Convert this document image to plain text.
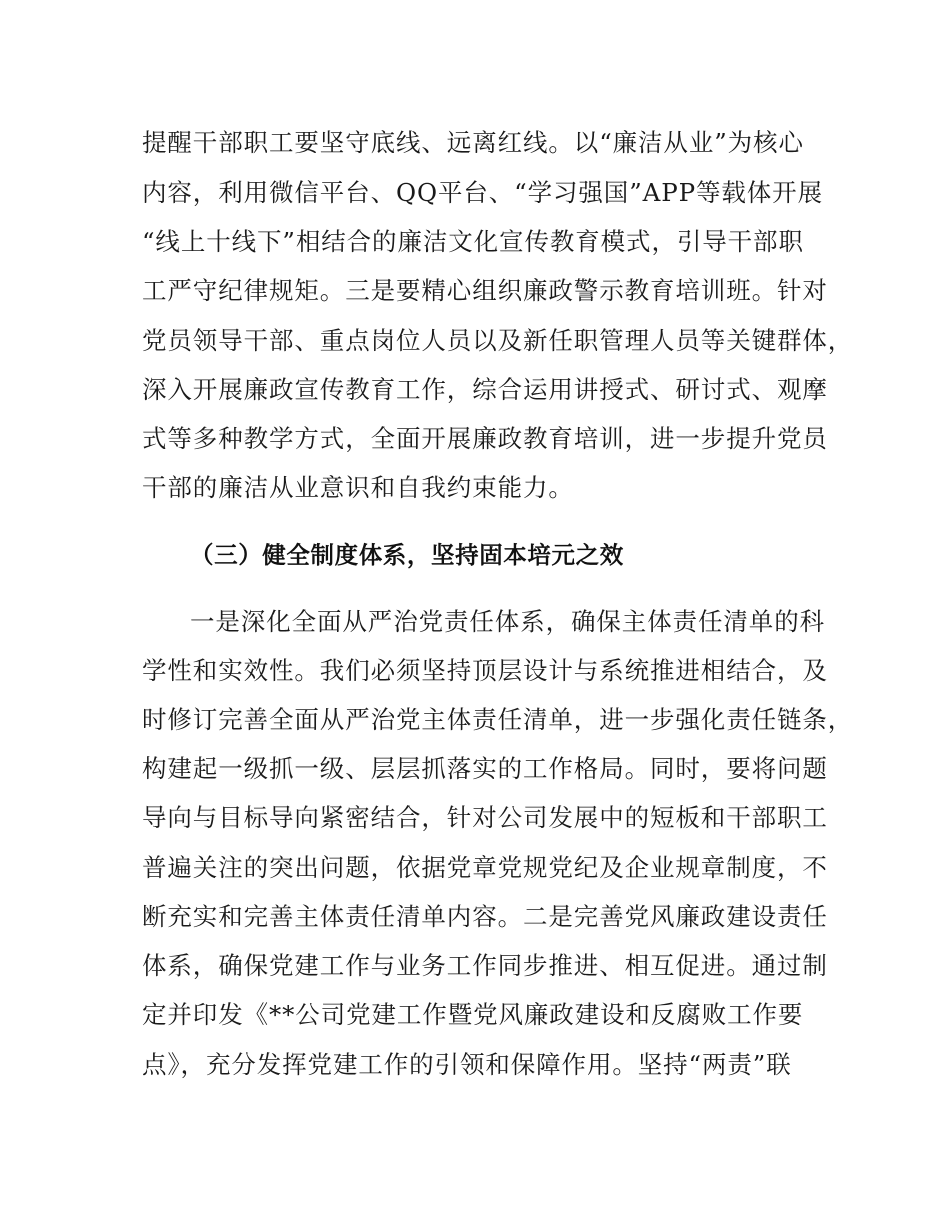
提醒干部职工要坚守底线、远离红线。以“廉洁从业”为核心
内容，利用微信平台、QQ平台、“学习强国”APP等载体开展
“线上十线下”相结合的廉洁文化宣传教育模式，引导干部职
工严守纪律规矩。三是要精心组织廉政警示教育培训班。针对
党员领导干部、重点岗位人员以及新任职管理人员等关键群体，
深入开展廉政宣传教育工作，综合运用讲授式、研讨式、观摩
式等多种教学方式，全面开展廉政教育培训，进一步提升党员
干部的廉洁从业意识和自我约束能力。
（三）健全制度体系，坚持固本培元之效
一是深化全面从严治党责任体系，确保主体责任清单的科
学性和实效性。我们必须坚持顶层设计与系统推进相结合，及
时修订完善全面从严治党主体责任清单，进一步强化责任链条，
构建起一级抓一级、层层抓落实的工作格局。同时，要将问题
导向与目标导向紧密结合，针对公司发展中的短板和干部职工
普遍关注的突出问题，依据党章党规党纪及企业规章制度，不
断充实和完善主体责任清单内容。二是完善党风廉政建设责任
体系，确保党建工作与业务工作同步推进、相互促进。通过制
定并印发《**公司党建工作暨党风廉政建设和反腐败工作要
点》，充分发挥党建工作的引领和保障作用。坚持“两责”联
